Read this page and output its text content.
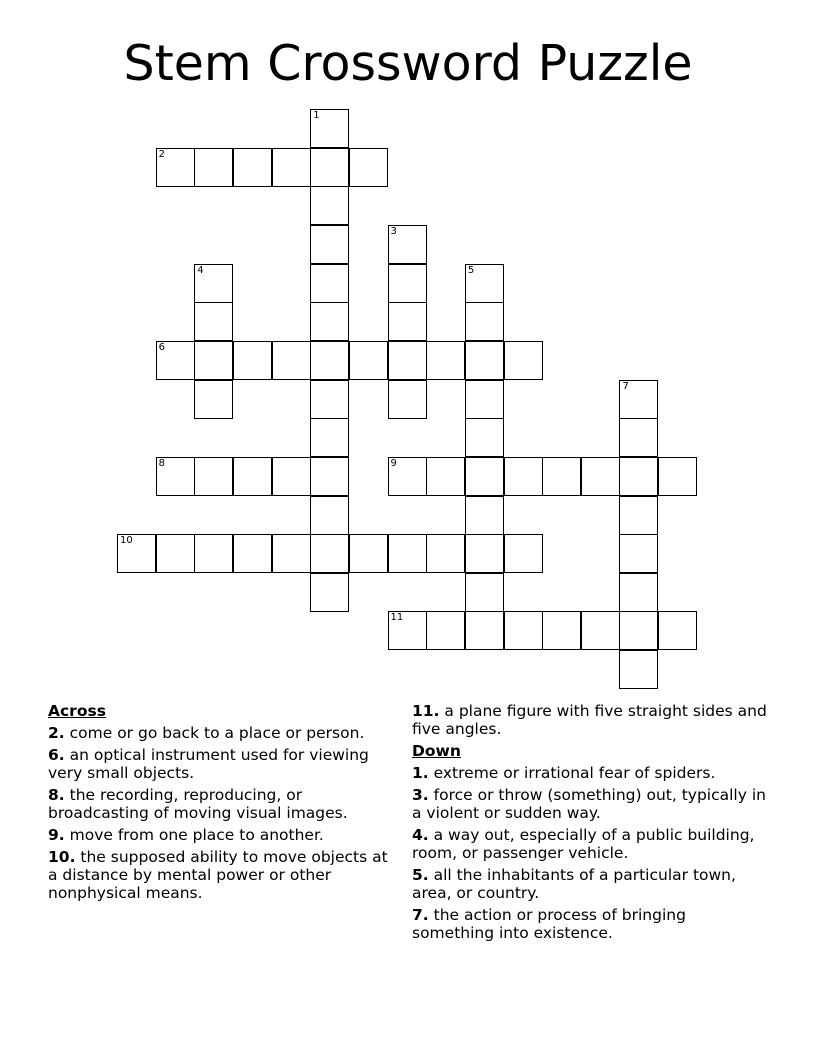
Stem Crossword Puzzle
1
2
3
4	5
6
7
8	9
10
11
Across
2. come or go back to a place or person.
6. an optical instrument used for viewing very small objects.
8. the recording, reproducing, or broadcasting of moving visual images.
9. move from one place to another.
10. the supposed ability to move objects at a distance by mental power or other nonphysical means.
11. a plane figure with five straight sides and five angles.
Down
1. extreme or irrational fear of spiders.
3. force or throw (something) out, typically in a violent or sudden way.
4. a way out, especially of a public building, room, or passenger vehicle.
5. all the inhabitants of a particular town, area, or country.
7. the action or process of bringing something into existence.
